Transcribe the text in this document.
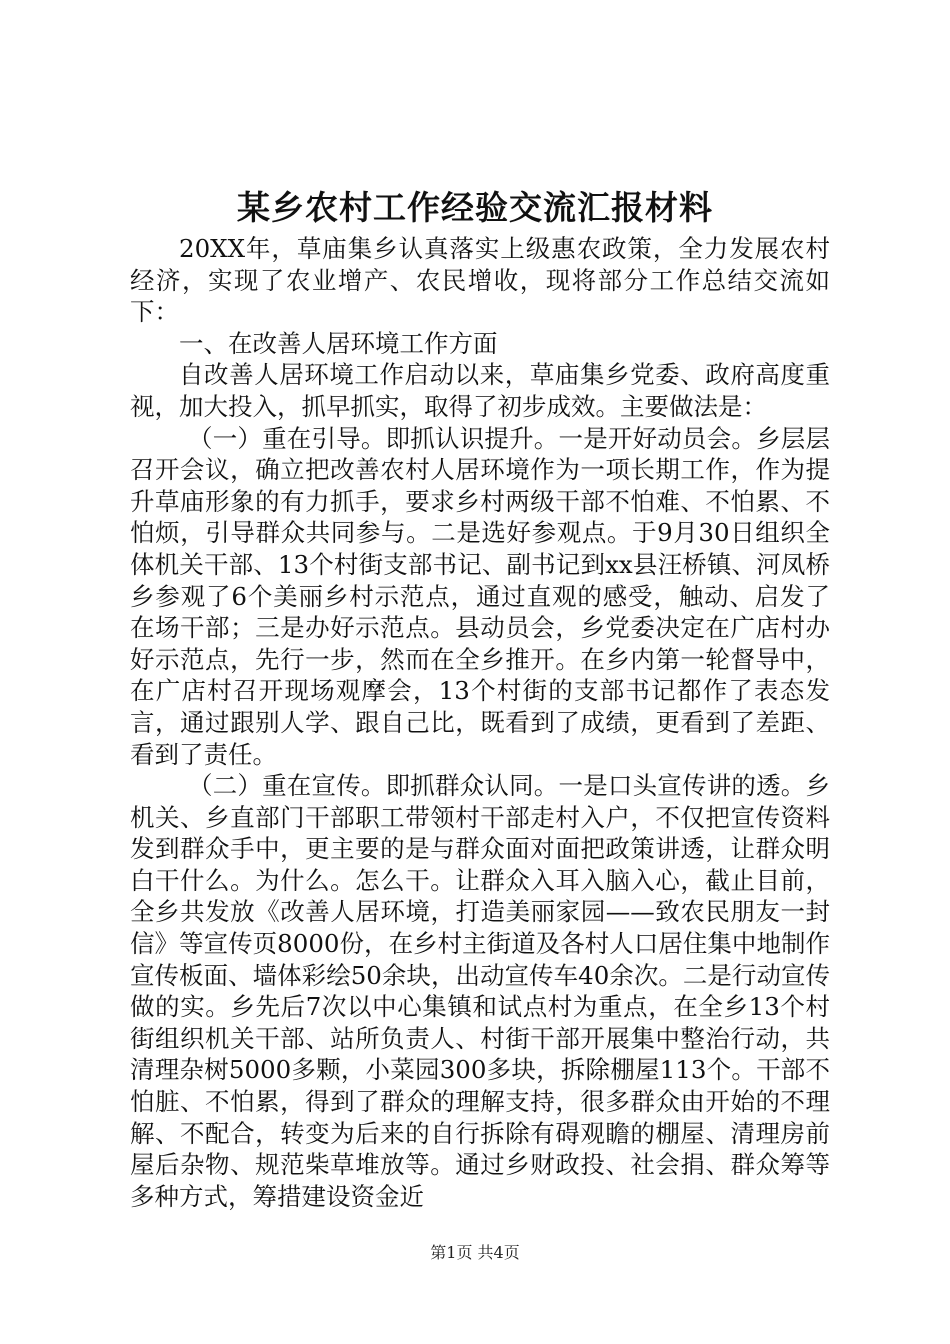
某乡农村工作经验交流汇报材料

20XX年，草庙集乡认真落实上级惠农政策，全力发展农村经济，实现了农业增产、农民增收，现将部分工作总结交流如下：

一、在改善人居环境工作方面

自改善人居环境工作启动以来，草庙集乡党委、政府高度重视，加大投入，抓早抓实，取得了初步成效。主要做法是：

（一）重在引导。即抓认识提升。一是开好动员会。乡层层召开会议，确立把改善农村人居环境作为一项长期工作，作为提升草庙形象的有力抓手，要求乡村两级干部不怕难、不怕累、不怕烦，引导群众共同参与。二是选好参观点。于9月30日组织全体机关干部、13个村街支部书记、副书记到xx县汪桥镇、河凤桥乡参观了6个美丽乡村示范点，通过直观的感受，触动、启发了在场干部；三是办好示范点。县动员会，乡党委决定在广店村办好示范点，先行一步，然而在全乡推开。在乡内第一轮督导中，在广店村召开现场观摩会，13个村街的支部书记都作了表态发言，通过跟别人学、跟自己比，既看到了成绩，更看到了差距、看到了责任。

（二）重在宣传。即抓群众认同。一是口头宣传讲的透。乡机关、乡直部门干部职工带领村干部走村入户，不仅把宣传资料发到群众手中，更主要的是与群众面对面把政策讲透，让群众明白干什么。为什么。怎么干。让群众入耳入脑入心，截止目前，全乡共发放《改善人居环境，打造美丽家园——致农民朋友一封信》等宣传页8000份，在乡村主街道及各村人口居住集中地制作宣传板面、墙体彩绘50余块，出动宣传车40余次。二是行动宣传做的实。乡先后7次以中心集镇和试点村为重点，在全乡13个村街组织机关干部、站所负责人、村街干部开展集中整治行动，共清理杂树5000多颗，小菜园300多块，拆除棚屋113个。干部不怕脏、不怕累，得到了群众的理解支持，很多群众由开始的不理解、不配合，转变为后来的自行拆除有碍观瞻的棚屋、清理房前屋后杂物、规范柴草堆放等。通过乡财政投、社会捐、群众筹等多种方式，筹措建设资金近

第1页 共4页
